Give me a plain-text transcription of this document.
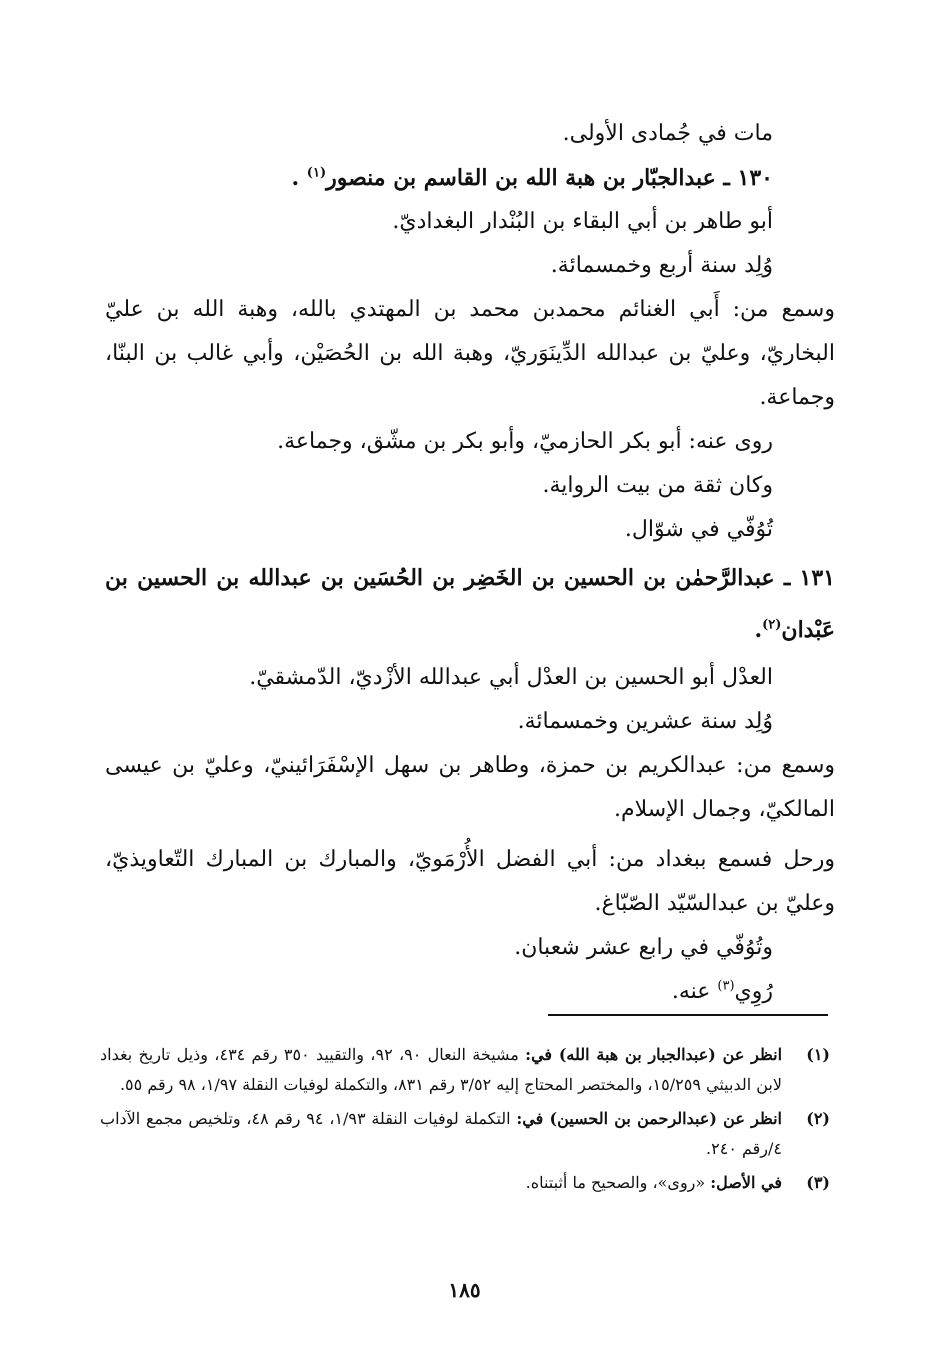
مات في جُمادى الأولى.
١٣٠ ـ عبدالجبّار بن هبة الله بن القاسم بن منصور$^{(١)}$ .
أبو طاهر بن أبي البقاء بن البُنْدار البغداديّ.
وُلِد سنة أربع وخمسمائة.
وسمع من: أَبي الغنائم محمدبن محمد بن المهتدي بالله، وهبة الله بن عليّ البخاريّ، وعليّ بن عبدالله الدِّينَوَريّ، وهبة الله بن الحُصَيْن، وأبي غالب بن البنّا، وجماعة.
روى عنه: أبو بكر الحازميّ، وأبو بكر بن مشّق، وجماعة.
وكان ثقة من بيت الرواية.
تُوُفّي في شوّال.
١٣١ ـ عبدالرَّحمٰن بن الحسين بن الخَضِر بن الحُسَين بن عبدالله بن الحسين بن عَبْدان$^{(٢)}$.
العدْل أبو الحسين بن العدْل أبي عبدالله الأزْديّ، الدّمشقيّ.
وُلِد سنة عشرين وخمسمائة.
وسمع من: عبدالكريم بن حمزة، وطاهر بن سهل الإسْفَرَائينيّ، وعليّ بن عيسى المالكيّ، وجمال الإسلام.
ورحل فسمع ببغداد من: أبي الفضل الأُرْمَويّ، والمبارك بن المبارك التّعاويذيّ، وعليّ بن عبدالسّيّد الصّبّاغ.
وتُوُفّي في رابع عشر شعبان.
رُوِي$^{(٣)}$ عنه.
(١)
انظر عن (عبدالجبار بن هبة الله) في: مشيخة النعال ٩٠، ٩٢، والتقييد ٣٥٠ رقم ٤٣٤، وذيل تاريخ بغداد لابن الدبيثي ١٥/٢٥٩، والمختصر المحتاج إليه ٣/٥٢ رقم ٨٣١، والتكملة لوفيات النقلة ١/٩٧، ٩٨ رقم ٥٥.
(٢)
انظر عن (عبدالرحمن بن الحسين) في: التكملة لوفيات النقلة ١/٩٣، ٩٤ رقم ٤٨، وتلخيص مجمع الآداب ٤/رقم ٢٤٠.
(٣)
في الأصل: «روى»، والصحيح ما أثبتناه.
١٨٥
